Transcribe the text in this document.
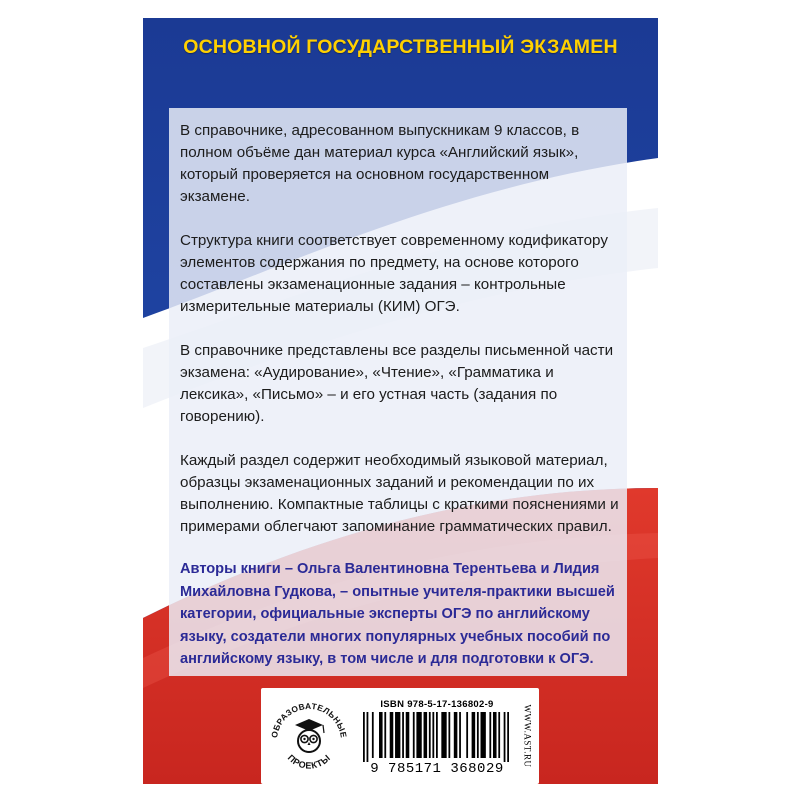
ОСНОВНОЙ ГОСУДАРСТВЕННЫЙ ЭКЗАМЕН

В справочнике, адресованном выпускникам 9 классов, в полном объёме дан материал курса «Английский язык», который проверяется на основном государственном экзамене.

Структура книги соответствует современному кодификатору элементов содержания по предмету, на основе которого составлены экзаменационные задания – контрольные измерительные материалы (КИМ) ОГЭ.

В справочнике представлены все разделы письменной части экзамена: «Аудирование», «Чтение», «Грамматика и лексика», «Письмо» – и его устная часть (задания по говорению).

Каждый раздел содержит необходимый языковой материал, образцы экзаменационных заданий и рекомендации по их выполнению. Компактные таблицы с краткими пояснениями и примерами облегчают запоминание грамматических правил.

Авторы книги – Ольга Валентиновна Терентьева и Лидия Михайловна Гудкова, – опытные учителя-практики высшей категории, официальные эксперты ОГЭ по английскому языку, создатели многих популярных учебных пособий по английскому языку, в том числе и для подготовки к ОГЭ.

ОБРАЗОВАТЕЛЬНЫЕ
ПРОЕКТЫ
ISBN 978-5-17-136802-9
9 785171 368029
WWW.AST.RU
